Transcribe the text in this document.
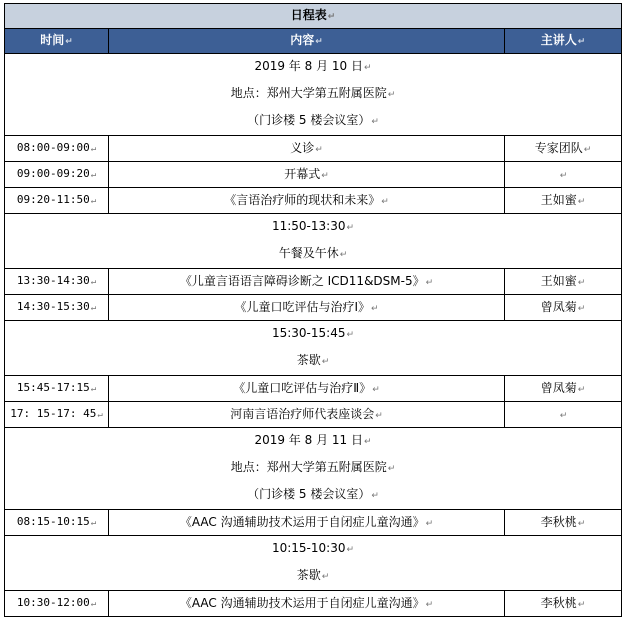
日程表↵		
时间↵	内容↵	主讲人↵

2019 年 8 月 10 日↵
地点：郑州大学第五附属医院↵
（门诊楼 5 楼会议室）↵		

08:00-09:00↵	义诊↵	专家团队↵
09:00-09:20↵	开幕式↵	↵
09:20-11:50↵	《言语治疗师的现状和未来》↵	王如蜜↵

11:50-13:30↵
午餐及午休↵		

13:30-14:30↵	《儿童言语语言障碍诊断之 ICD11&DSM-5》↵	王如蜜↵
14:30-15:30↵	《儿童口吃评估与治疗Ⅰ》↵	曾凤菊↵

15:30-15:45↵
茶歇↵		

15:45-17:15↵	《儿童口吃评估与治疗Ⅱ》↵	曾凤菊↵
17: 15-17: 45↵	河南言语治疗师代表座谈会↵	↵

2019 年 8 月 11 日↵
地点：郑州大学第五附属医院↵
（门诊楼 5 楼会议室）↵		

08:15-10:15↵	《AAC 沟通辅助技术运用于自闭症儿童沟通》↵	李秋桃↵

10:15-10:30↵
茶歇↵		

10:30-12:00↵	《AAC 沟通辅助技术运用于自闭症儿童沟通》↵	李秋桃↵
